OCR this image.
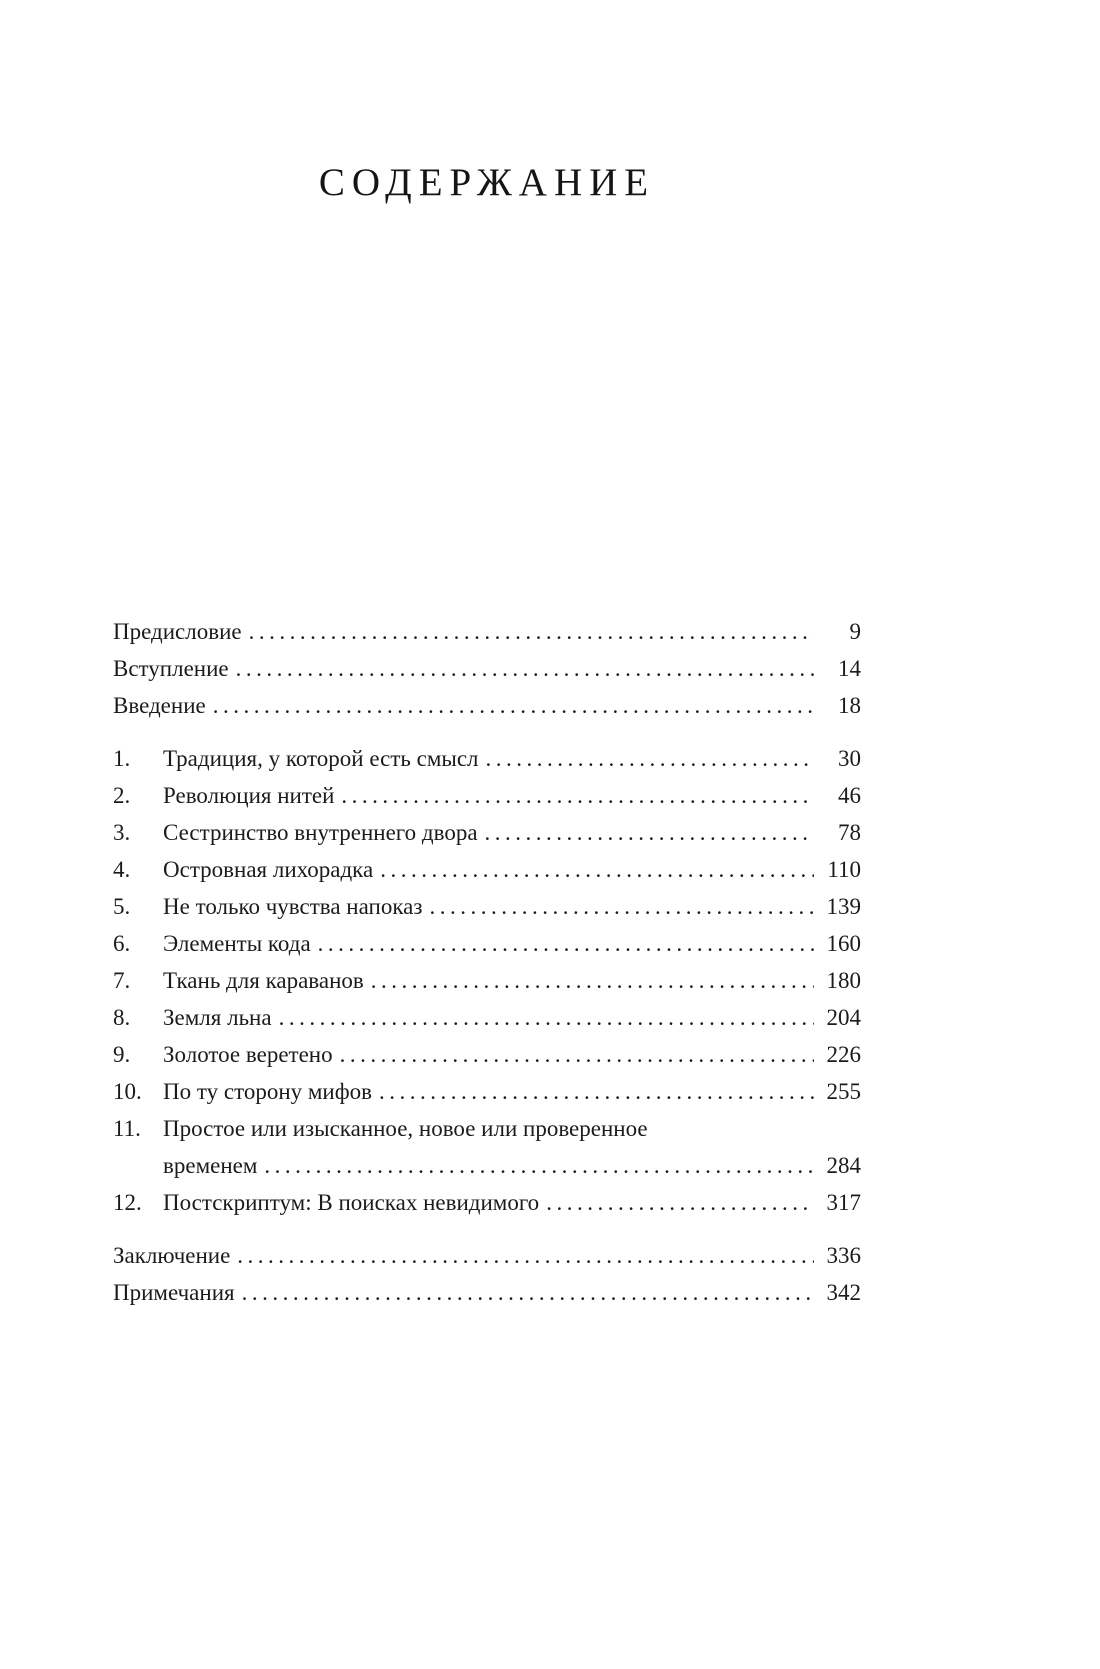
СОДЕРЖАНИЕ
Предисловие .....	9
Вступление .....	14
Введение .....	18
1.	Традиция, у которой есть смысл .....	30
2.	Революция нитей .....	46
3.	Сестринство внутреннего двора .....	78
4.	Островная лихорадка .....	110
5.	Не только чувства напоказ .....	139
6.	Элементы кода .....	160
7.	Ткань для караванов .....	180
8.	Земля льна .....	204
9.	Золотое веретено .....	226
10. По ту сторону мифов .....	255
11. Простое или изысканное, новое или проверенное
временем .....	284
12. Постскриптум: В поисках невидимого .....	317
Заключение .....	336
Примечания .....	342
